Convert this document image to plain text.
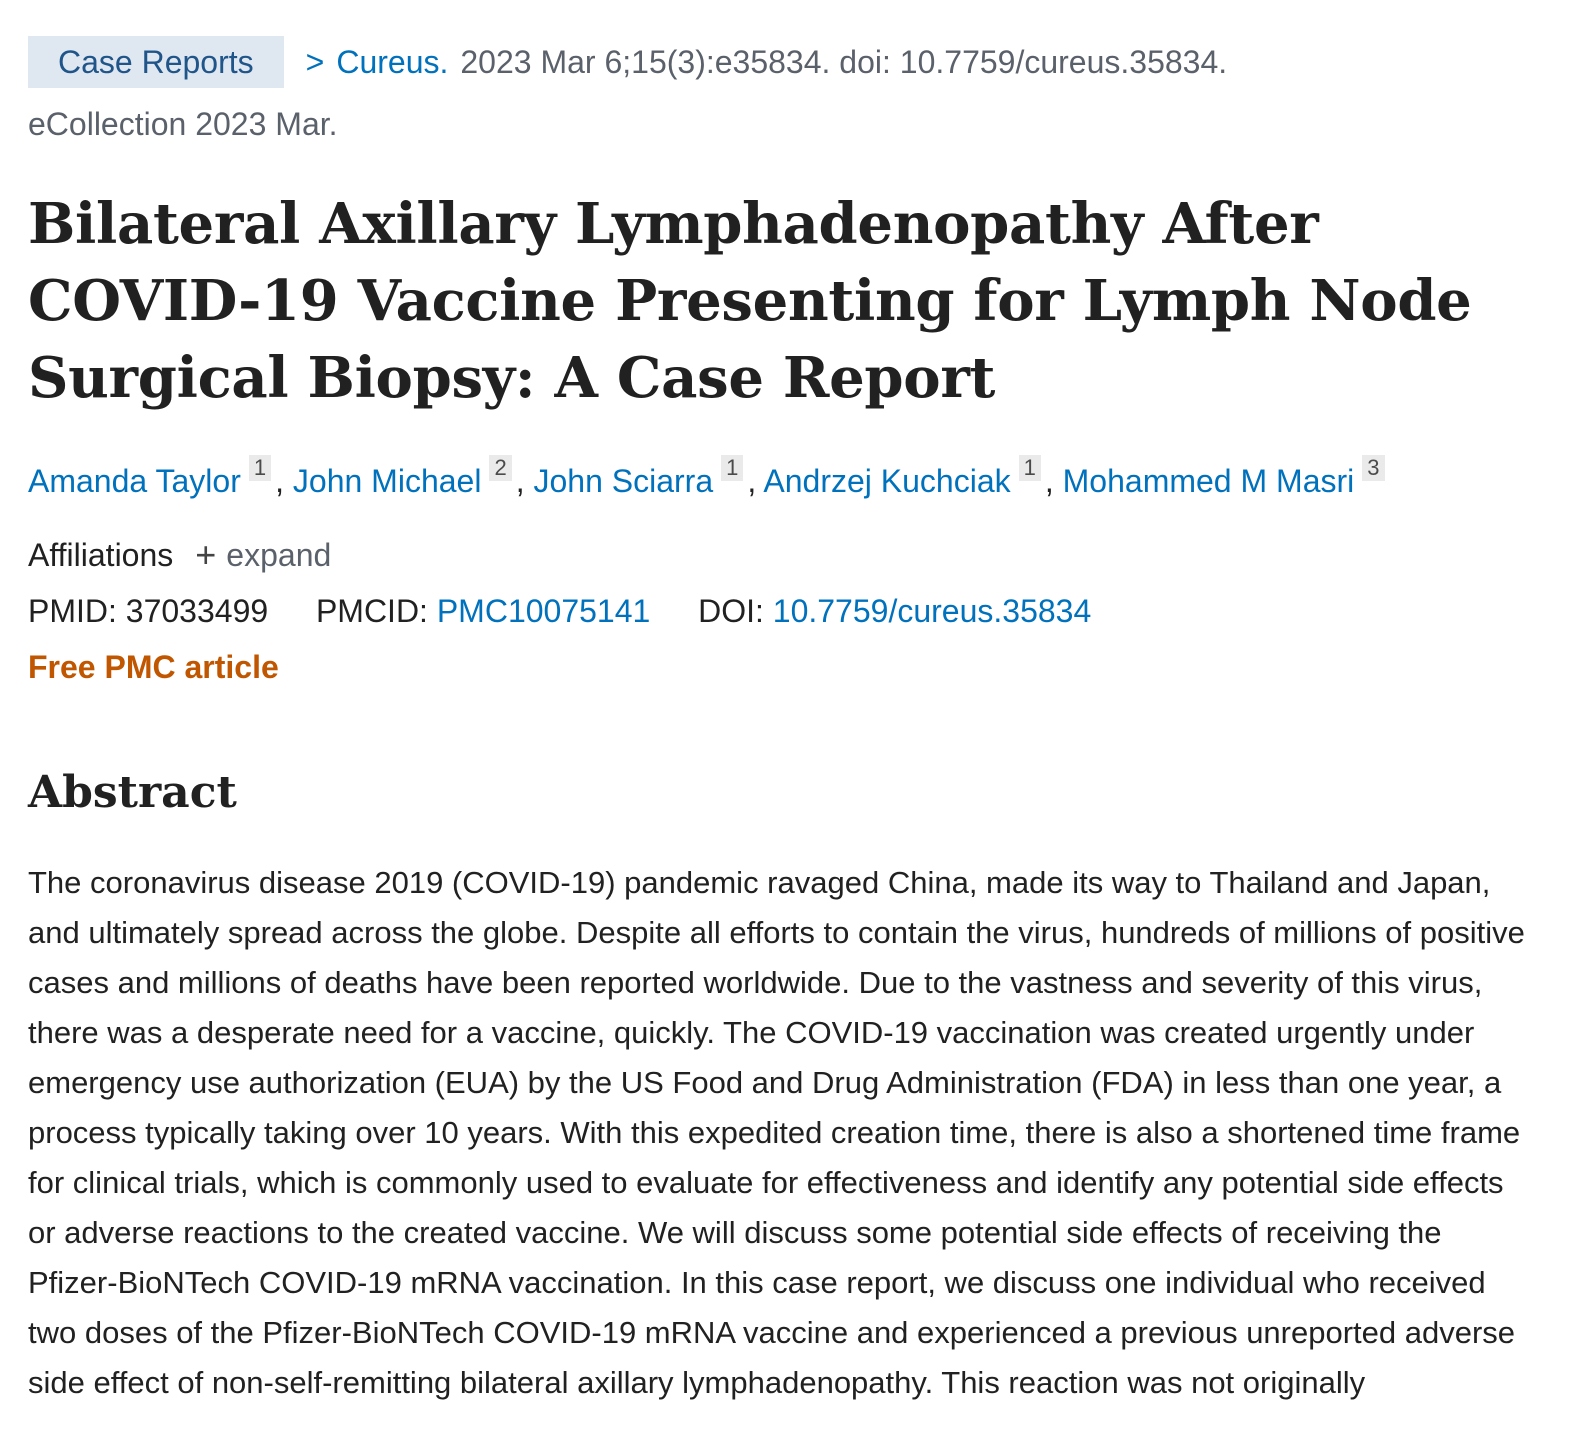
Case Reports	> Cureus. 2023 Mar 6;15(3):e35834. doi: 10.7759/cureus.35834.
eCollection 2023 Mar.
Bilateral Axillary Lymphadenopathy After COVID-19 Vaccine Presenting for Lymph Node Surgical Biopsy: A Case Report
Amanda Taylor 1 , John Michael 2 , John Sciarra 1 , Andrzej Kuchciak 1 , Mohammed M Masri 3
Affiliations + expand
PMID: 37033499 PMCID: PMC10075141 DOI: 10.7759/cureus.35834
Free PMC article
Abstract

The coronavirus disease 2019 (COVID-19) pandemic ravaged China, made its way to Thailand and Japan, and ultimately spread across the globe. Despite all efforts to contain the virus, hundreds of millions of positive cases and millions of deaths have been reported worldwide. Due to the vastness and severity of this virus, there was a desperate need for a vaccine, quickly. The COVID-19 vaccination was created urgently under emergency use authorization (EUA) by the US Food and Drug Administration (FDA) in less than one year, a process typically taking over 10 years. With this expedited creation time, there is also a shortened time frame for clinical trials, which is commonly used to evaluate for effectiveness and identify any potential side effects or adverse reactions to the created vaccine. We will discuss some potential side effects of receiving the Pfizer-BioNTech COVID-19 mRNA vaccination. In this case report, we discuss one individual who received two doses of the Pfizer-BioNTech COVID-19 mRNA vaccine and experienced a previous unreported adverse side effect of non-self-remitting bilateral axillary lymphadenopathy. This reaction was not originally
